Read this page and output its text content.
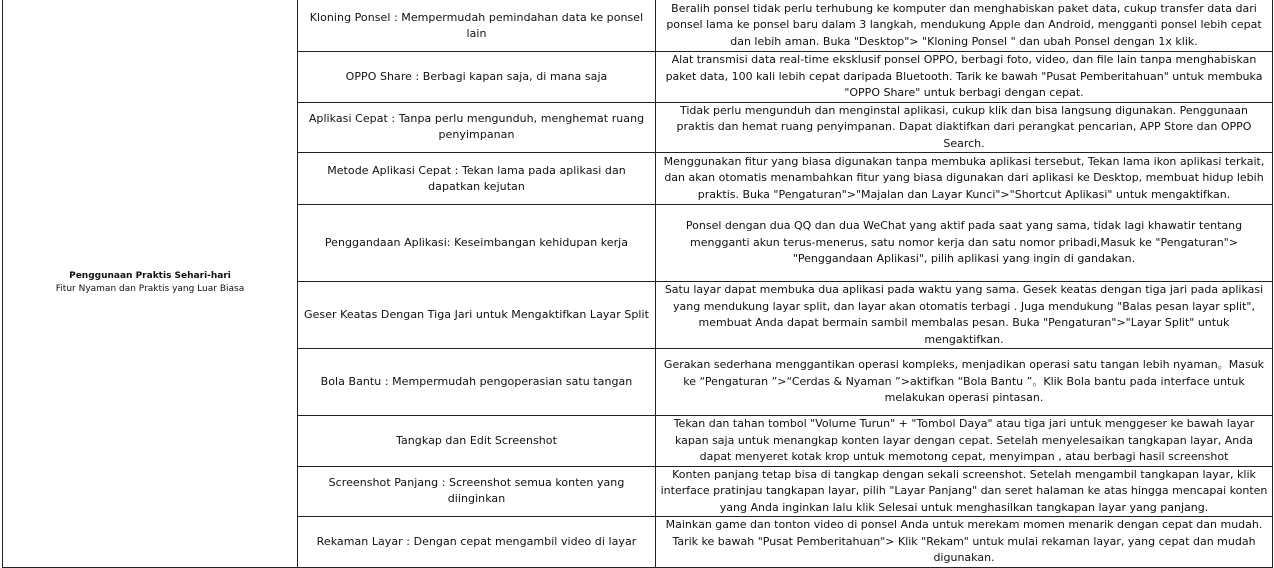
Penggunaan Praktis Sehari-hari
Fitur Nyaman dan Praktis yang Luar Biasa	Kloning Ponsel : Mempermudah pemindahan data ke ponsel lain	Beralih ponsel tidak perlu terhubung ke komputer dan menghabiskan paket data, cukup transfer data dari ponsel lama ke ponsel baru dalam 3 langkah, mendukung Apple dan Android, mengganti ponsel lebih cepat dan lebih aman. Buka "Desktop"> "Kloning Ponsel " dan ubah Ponsel dengan 1x klik.
	OPPO Share : Berbagi kapan saja, di mana saja	Alat transmisi data real-time eksklusif ponsel OPPO, berbagi foto, video, dan file lain tanpa menghabiskan paket data, 100 kali lebih cepat daripada Bluetooth. Tarik ke bawah "Pusat Pemberitahuan" untuk membuka "OPPO Share" untuk berbagi dengan cepat.
	Aplikasi Cepat : Tanpa perlu mengunduh, menghemat ruang penyimpanan	Tidak perlu mengunduh dan menginstal aplikasi, cukup klik dan bisa langsung digunakan. Penggunaan praktis dan hemat ruang penyimpanan. Dapat diaktifkan dari perangkat pencarian, APP Store dan OPPO Search.
	Metode Aplikasi Cepat : Tekan lama pada aplikasi dan dapatkan kejutan	Menggunakan fitur yang biasa digunakan tanpa membuka aplikasi tersebut, Tekan lama ikon aplikasi terkait, dan akan otomatis menambahkan fitur yang biasa digunakan dari aplikasi ke Desktop, membuat hidup lebih praktis. Buka "Pengaturan">"Majalan dan Layar Kunci">"Shortcut Aplikasi" untuk mengaktifkan.
	Penggandaan Aplikasi: Keseimbangan kehidupan kerja	Ponsel dengan dua QQ dan dua WeChat yang aktif pada saat yang sama, tidak lagi khawatir tentang mengganti akun terus-menerus, satu nomor kerja dan satu nomor pribadi,Masuk ke "Pengaturan"> "Penggandaan Aplikasi", pilih aplikasi yang ingin di gandakan.
	Geser Keatas Dengan Tiga Jari untuk Mengaktifkan Layar Split	Satu layar dapat membuka dua aplikasi pada waktu yang sama. Gesek keatas dengan tiga jari pada aplikasi yang mendukung layar split, dan layar akan otomatis terbagi . Juga mendukung "Balas pesan layar split", membuat Anda dapat bermain sambil membalas pesan. Buka "Pengaturan">"Layar Split" untuk mengaktifkan.
	Bola Bantu : Mempermudah pengoperasian satu tangan	Gerakan sederhana menggantikan operasi kompleks, menjadikan operasi satu tangan lebih nyaman。Masuk ke “Pengaturan ”>“Cerdas & Nyaman ”>aktifkan “Bola Bantu ”。Klik Bola bantu pada interface untuk melakukan operasi pintasan.
	Tangkap dan Edit Screenshot	Tekan dan tahan tombol "Volume Turun" + "Tombol Daya" atau tiga jari untuk menggeser ke bawah layar kapan saja untuk menangkap konten layar dengan cepat. Setelah menyelesaikan tangkapan layar, Anda dapat menyeret kotak krop untuk memotong cepat, menyimpan , atau berbagi hasil screenshot
	Screenshot Panjang : Screenshot semua konten yang diinginkan	Konten panjang tetap bisa di tangkap dengan sekali screenshot. Setelah mengambil tangkapan layar, klik interface pratinjau tangkapan layar, pilih "Layar Panjang" dan seret halaman ke atas hingga mencapai konten yang Anda inginkan lalu klik Selesai untuk menghasilkan tangkapan layar yang panjang.
	Rekaman Layar : Dengan cepat mengambil video di layar	Mainkan game dan tonton video di ponsel Anda untuk merekam momen menarik dengan cepat dan mudah. Tarik ke bawah "Pusat Pemberitahuan"> Klik "Rekam" untuk mulai rekaman layar, yang cepat dan mudah digunakan.
